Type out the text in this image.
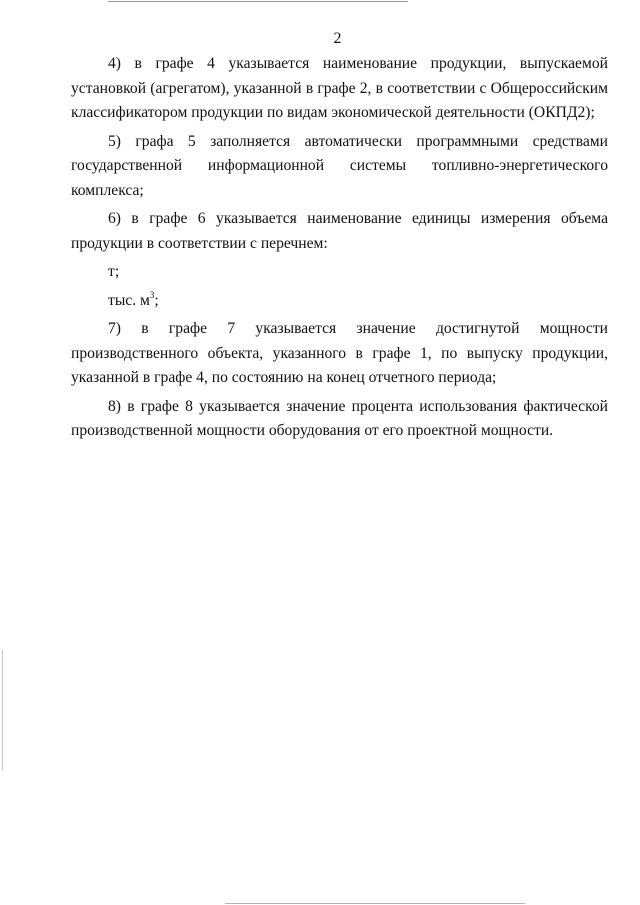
2

4) в графе 4 указывается наименование продукции, выпускаемой установкой (агрегатом), указанной в графе 2, в соответствии с Общероссийским классификатором продукции по видам экономической деятельности (ОКПД2);

5) графа 5 заполняется автоматически программными средствами государственной информационной системы топливно-энергетического комплекса;

6) в графе 6 указывается наименование единицы измерения объема продукции в соответствии с перечнем:

т;

тыс. $м^3$;

7) в графе 7 указывается значение достигнутой мощности производственного объекта, указанного в графе 1, по выпуску продукции, указанной в графе 4, по состоянию на конец отчетного периода;

8) в графе 8 указывается значение процента использования фактической производственной мощности оборудования от его проектной мощности.
